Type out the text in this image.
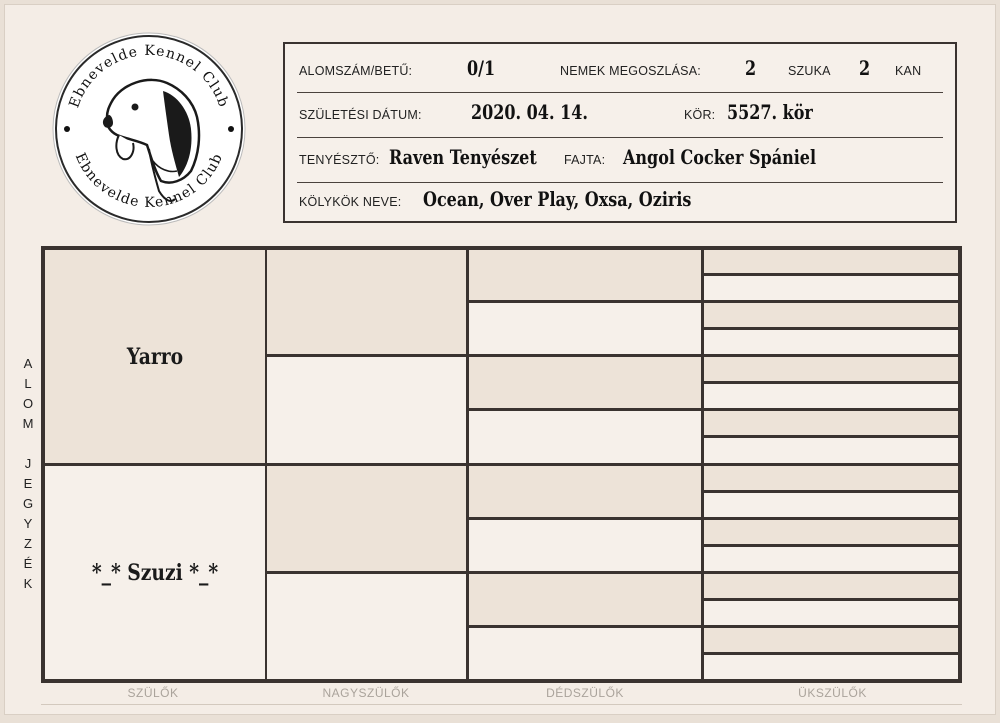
Ebnevelde Kennel Club
Ebnevelde Kennel Club
ALOMSZÁM/BETŰ:	0/1	NEMEK MEGOSZLÁSA: 2	SZUKA 2 KAN
SZÜLETÉSI DÁTUM: 2020. 04. 14.	KÖR: 5527. kör
TENYÉSZTŐ: Raven Tenyészet FAJTA: Angol Cocker Spániel
KÖLYKÖK NEVE: Ocean, Over Play, Oxsa, Oziris
A
L
O
M
J
E
G
Y
Z
É
K
Yarro
*_* Szuzi *_*
SZÜLŐK	NAGYSZÜLŐK	DÉDSZÜLŐK	ÜKSZÜLŐK
